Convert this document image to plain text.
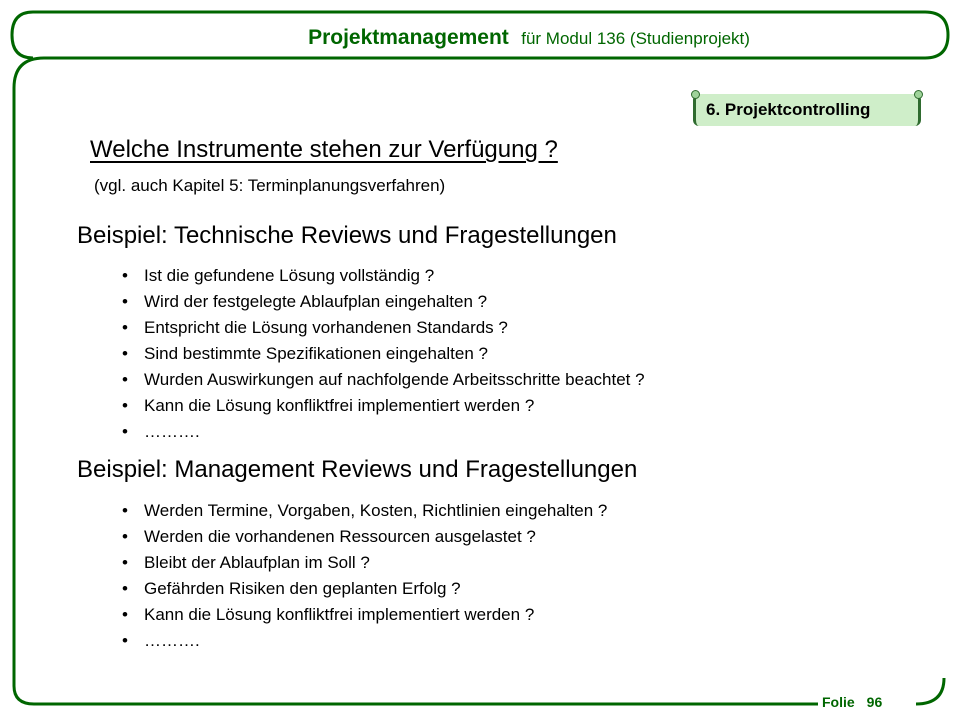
Projektmanagement für Modul 136 (Studienprojekt)
6. Projektcontrolling
Welche Instrumente stehen zur Verfügung ?
(vgl. auch Kapitel 5: Terminplanungsverfahren)
Beispiel: Technische Reviews und Fragestellungen
• Ist die gefundene Lösung vollständig ?
• Wird der festgelegte Ablaufplan eingehalten ?
• Entspricht die Lösung vorhandenen Standards ?
• Sind bestimmte Spezifikationen eingehalten ?
• Wurden Auswirkungen auf nachfolgende Arbeitsschritte beachtet ?
• Kann die Lösung konfliktfrei implementiert werden ?
• ……….
Beispiel: Management Reviews und Fragestellungen
• Werden Termine, Vorgaben, Kosten, Richtlinien eingehalten ?
• Werden die vorhandenen Ressourcen ausgelastet ?
• Bleibt der Ablaufplan im Soll ?
• Gefährden Risiken den geplanten Erfolg ?
• Kann die Lösung konfliktfrei implementiert werden ?
• ……….
Folie 96
